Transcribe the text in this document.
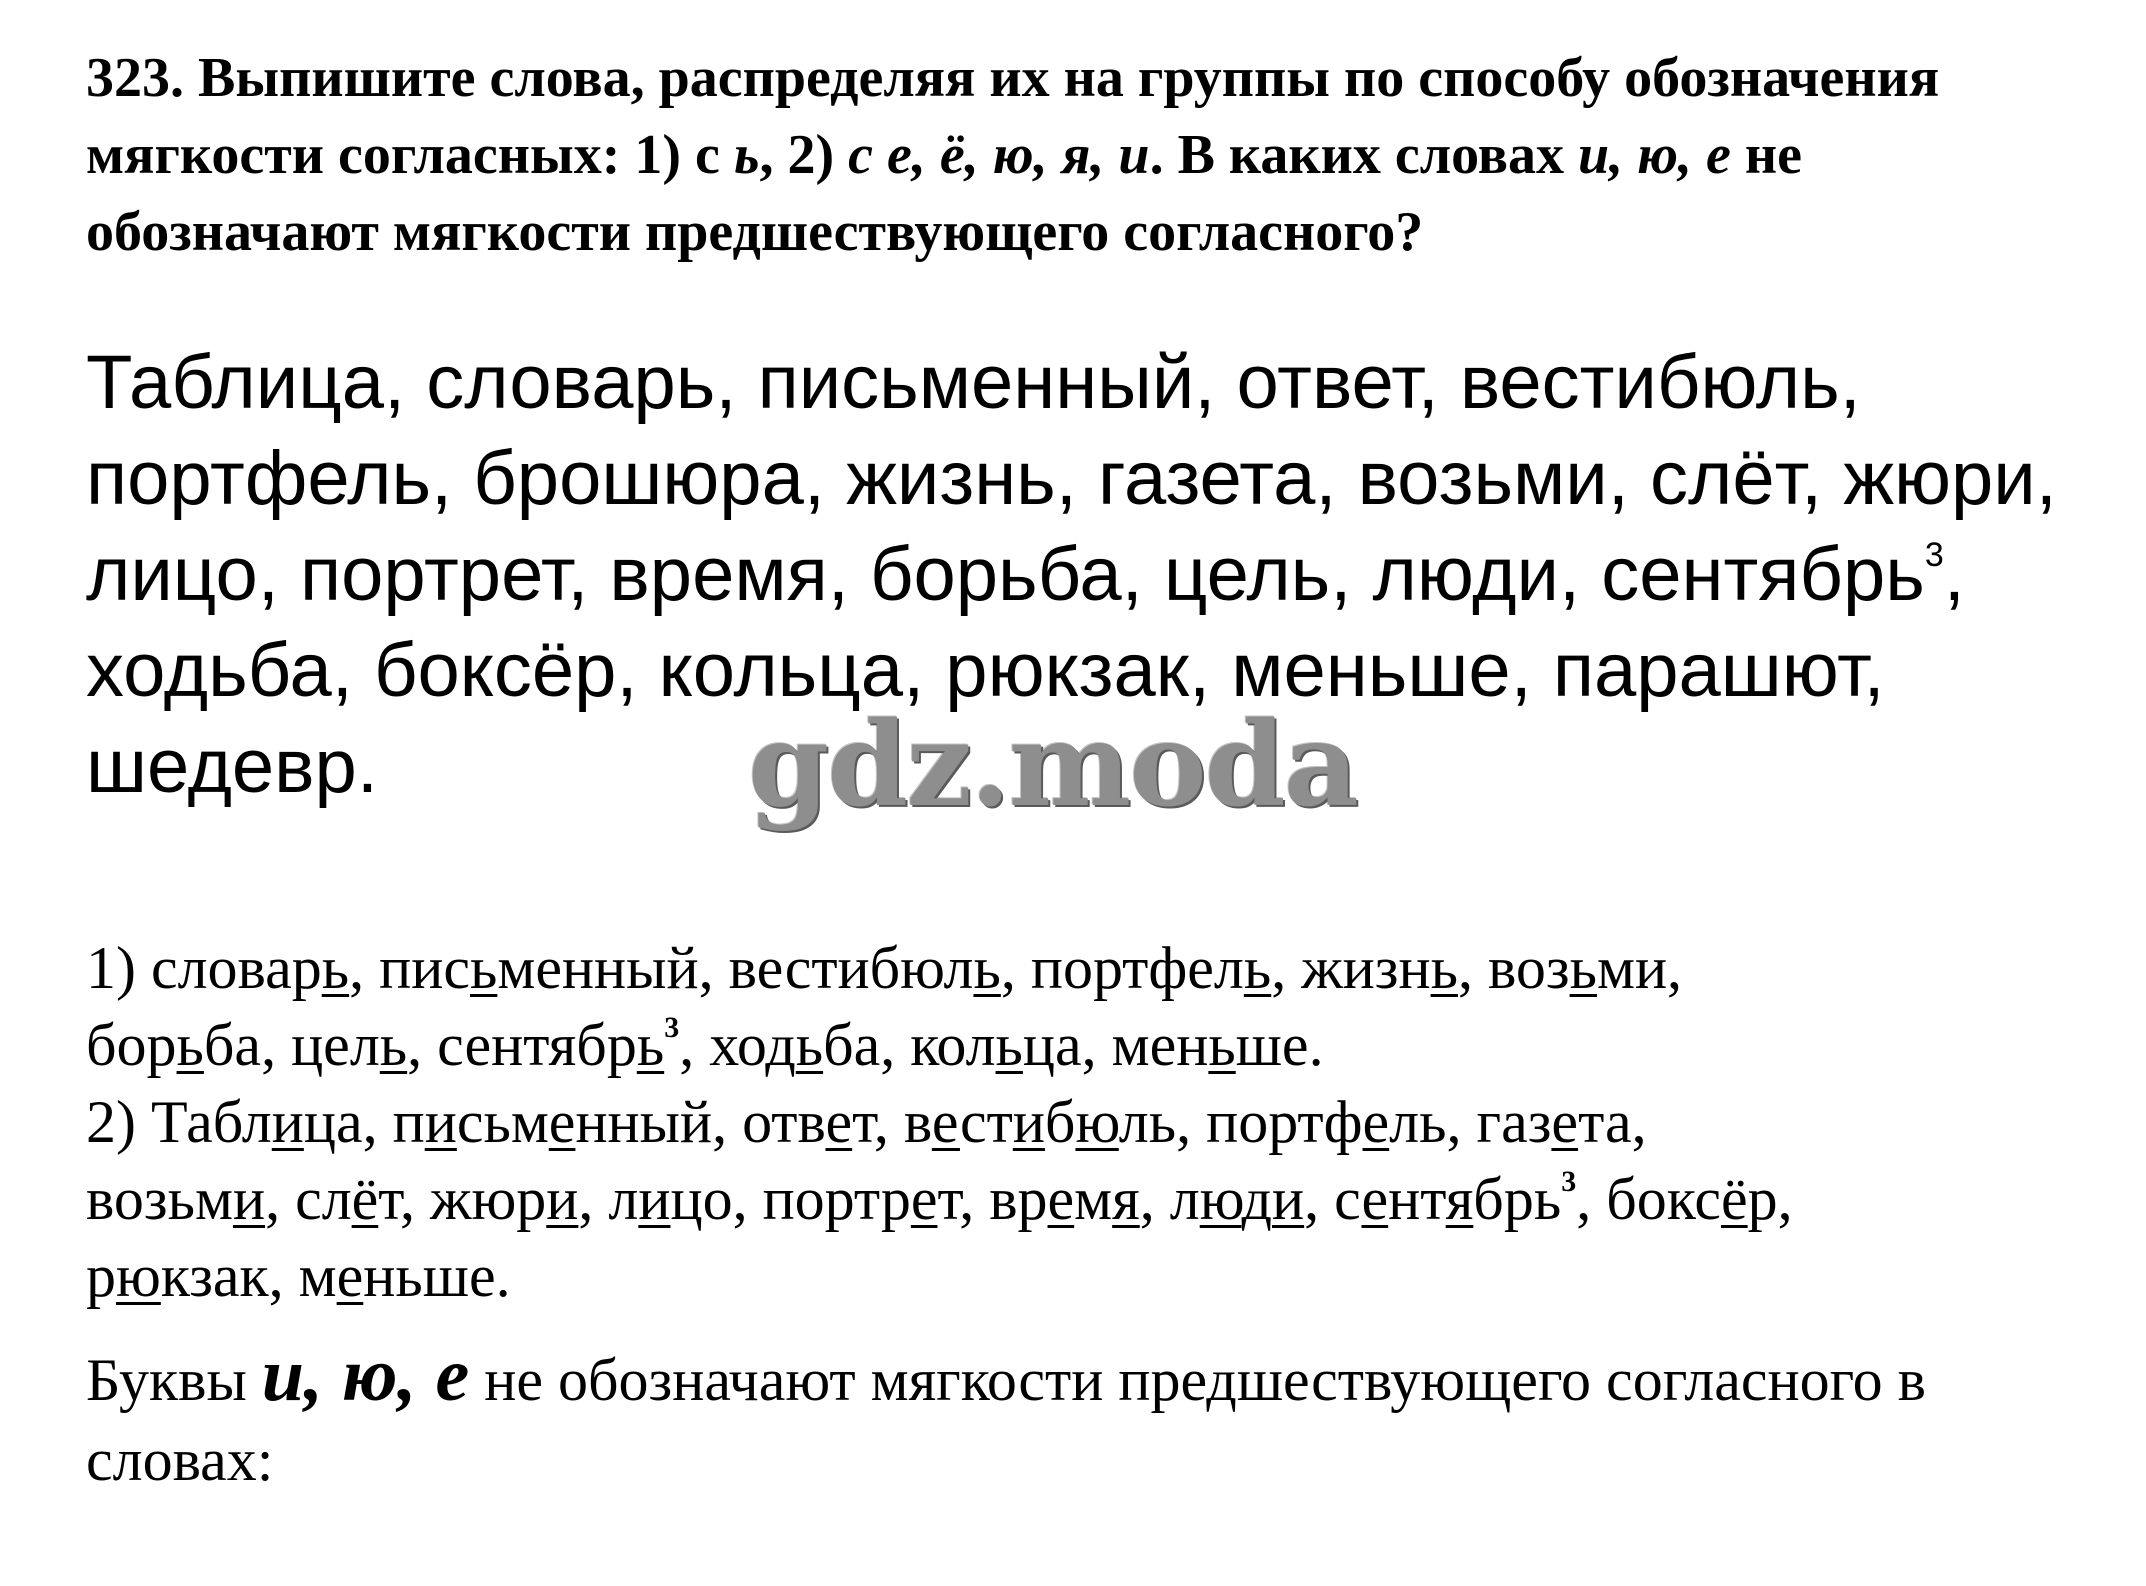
323. Выпишите слова, распределяя их на группы по способу обозначения мягкости согласных: 1) с ь, 2) с е, ё, ю, я, и. В каких словах и, ю, е не обозначают мягкости предшествующего согласного?

Таблица, словарь, письменный, ответ, вестибюль, портфель, брошюра, жизнь, газета, возьми, слёт, жюри, лицо, портрет, время, борьба, цель, люди, сентябрь$^3$, ходьба, боксёр, кольца, рюкзак, меньше, парашют, шедевр.	gdz.moda
1) словарь, письменный, вестибюль, портфель, жизнь, возьми,
борьба, цель, сентябрь$^3$, ходьба, кольца, меньше.
2) Таблица, письменный, ответ, вестибюль, портфель, газета,
возьми, слёт, жюри, лицо, портрет, время, люди, сентябрь$^3$, боксёр,
рюкзак, меньше.

Буквы и, ю, е не обозначают мягкости предшествующего согласного в словах:
